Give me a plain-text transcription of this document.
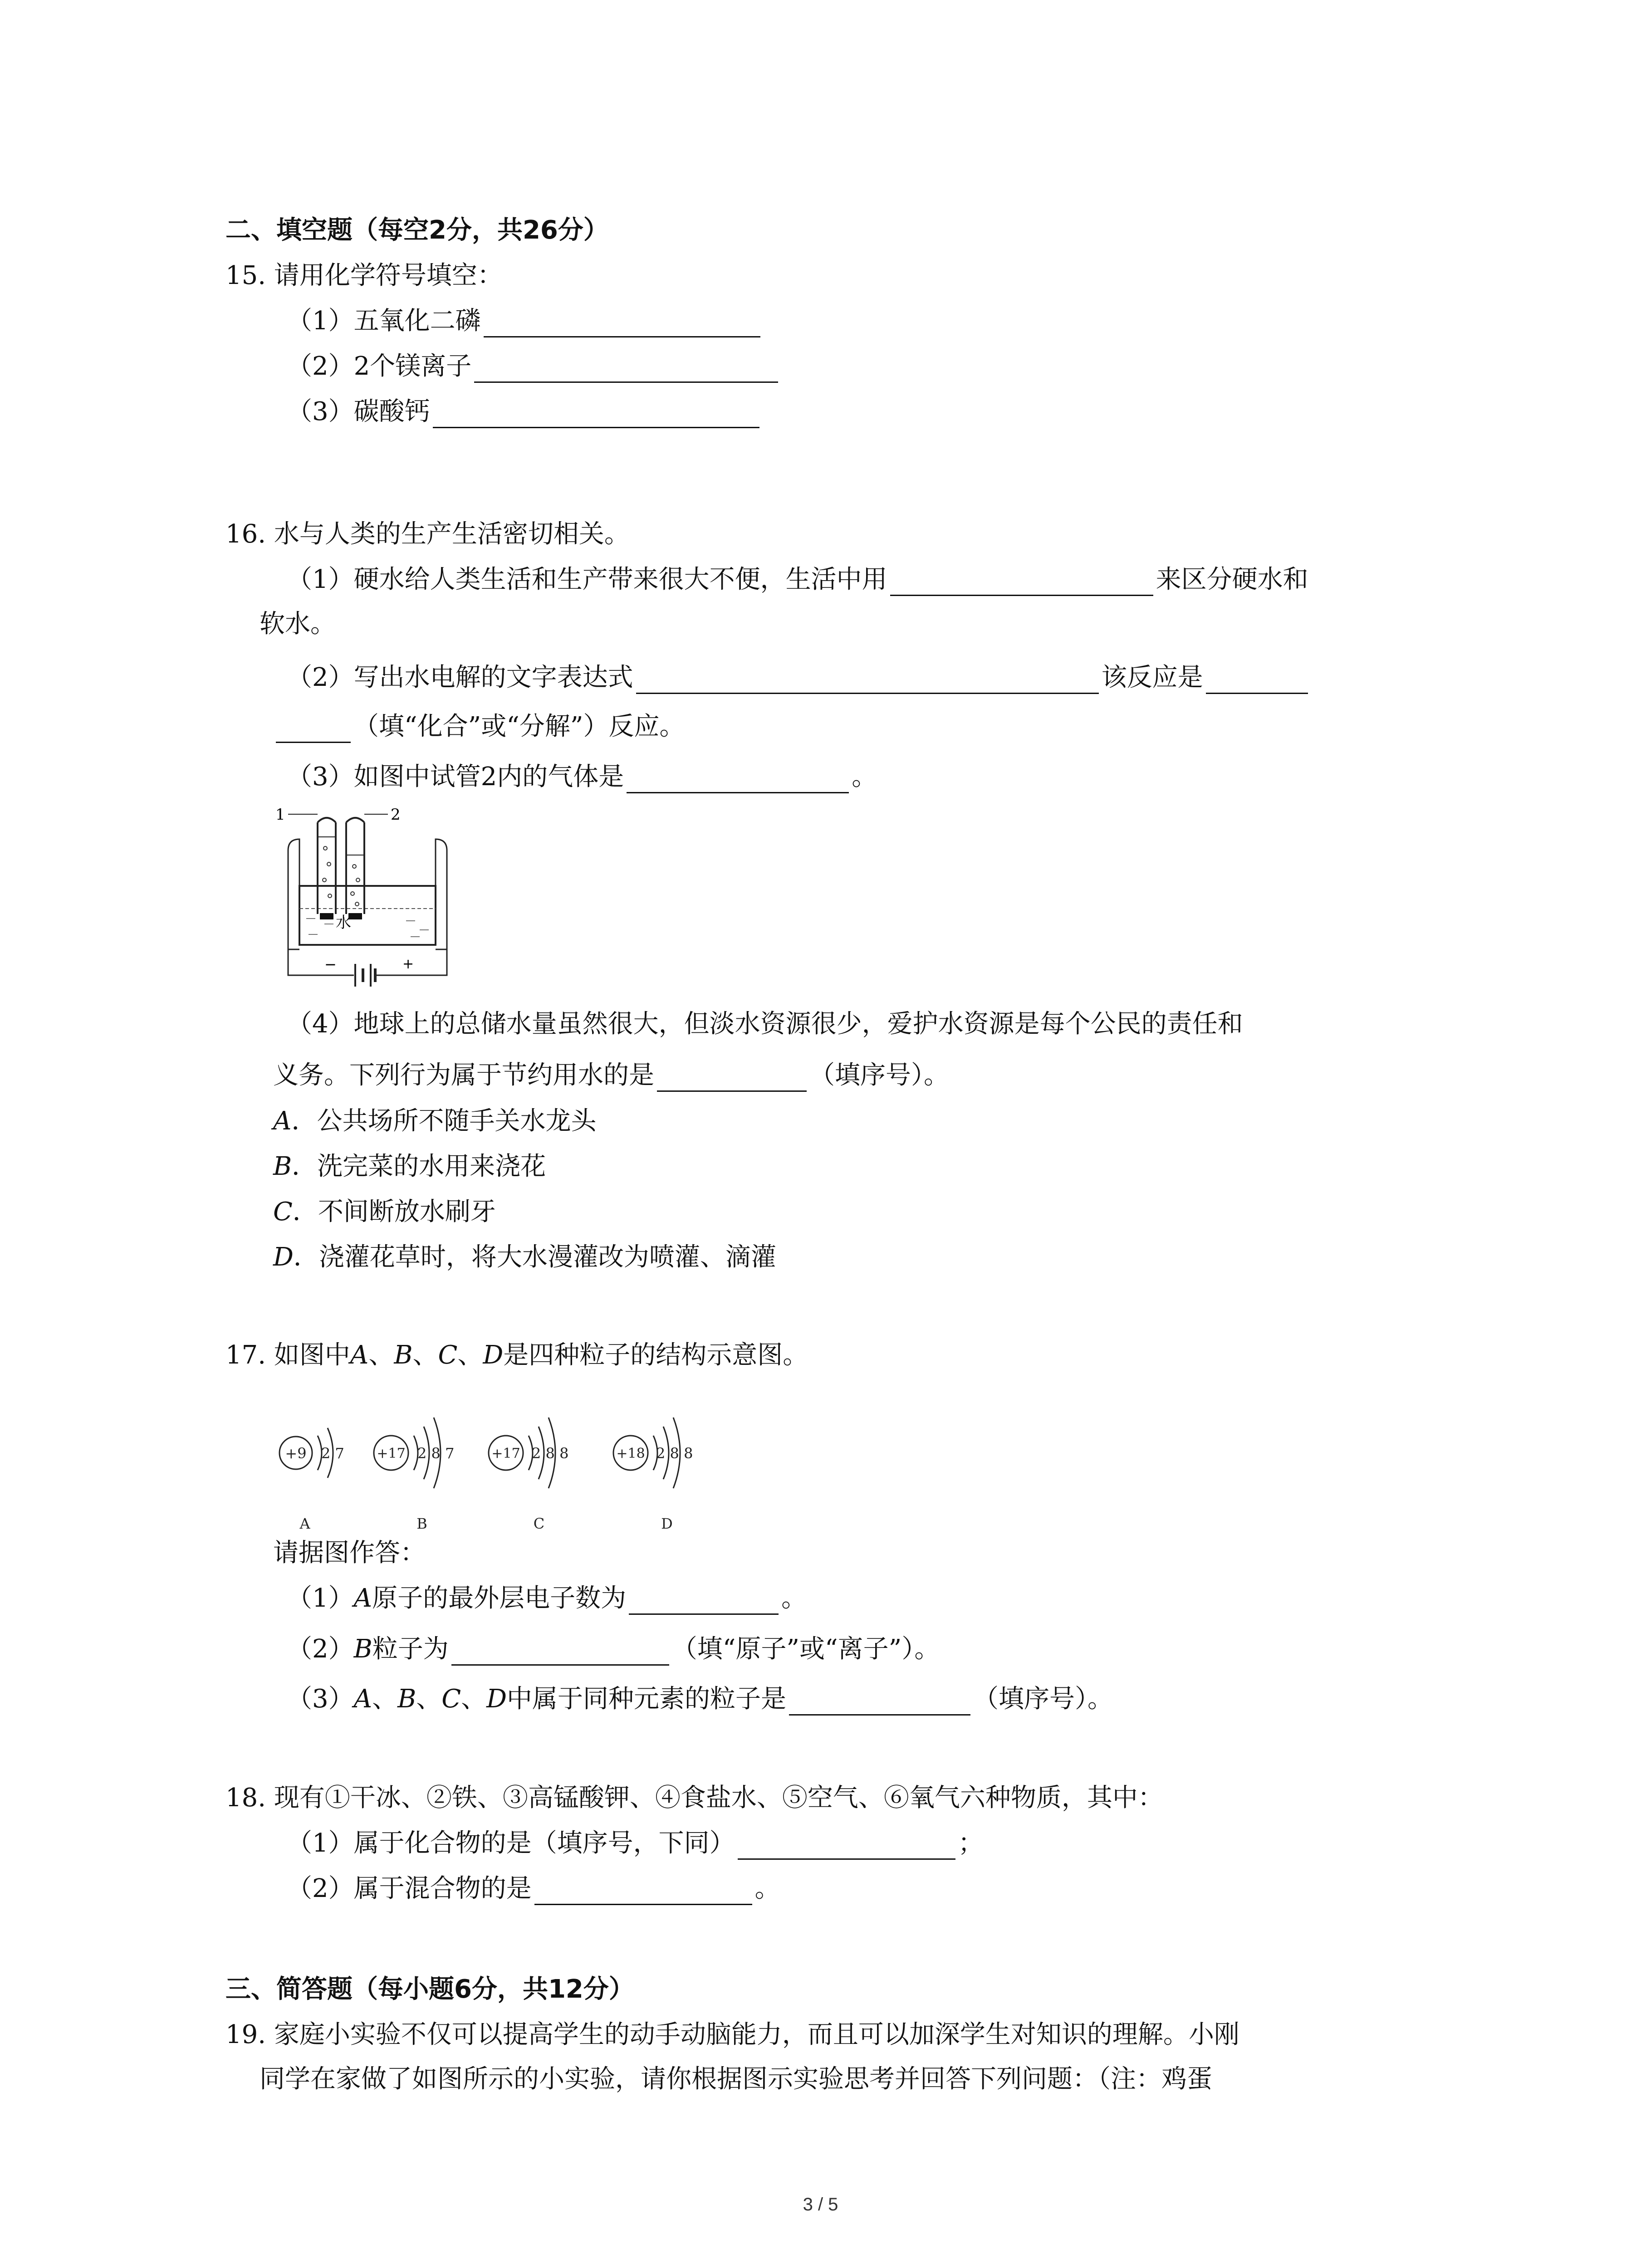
二、填空题（每空2分，共26分）
15. 请用化学符号填空：
（1）五氧化二磷
（2）2个镁离子
（3）碳酸钙
16. 水与人类的生产生活密切相关。
（1）硬水给人类生活和生产带来很大不便，生活中用	来区分硬水和
软水。
（2）写出水电解的文字表达式	该反应是
（填“化合”或“分解”）反应。
（3）如图中试管2内的气体是	。
1	2
水
−	+
（4）地球上的总储水量虽然很大，但淡水资源很少，爱护水资源是每个公民的责任和
义务。下列行为属于节约用水的是	（填序号）。
A．公共场所不随手关水龙头
B．洗完菜的水用来浇花
C．不间断放水刷牙
D．浇灌花草时，将大水漫灌改为喷灌、滴灌
17. 如图中A、B、C、D是四种粒子的结构示意图。
+9 2 7
A
+17 2 8 7
B
+17 2 8 8
C
+18 2 8 8
D
请据图作答：
（1）A原子的最外层电子数为	。
（2）B粒子为	（填“原子”或“离子”）。
（3）A、B、C、D中属于同种元素的粒子是	（填序号）。
18. 现有①干冰、②铁、③高锰酸钾、④食盐水、⑤空气、⑥氧气六种物质，其中：
（1）属于化合物的是（填序号，下同）	；
（2）属于混合物的是	。
三、简答题（每小题6分，共12分）
19. 家庭小实验不仅可以提高学生的动手动脑能力，而且可以加深学生对知识的理解。小刚
同学在家做了如图所示的小实验，请你根据图示实验思考并回答下列问题：（注：鸡蛋
3 / 5
